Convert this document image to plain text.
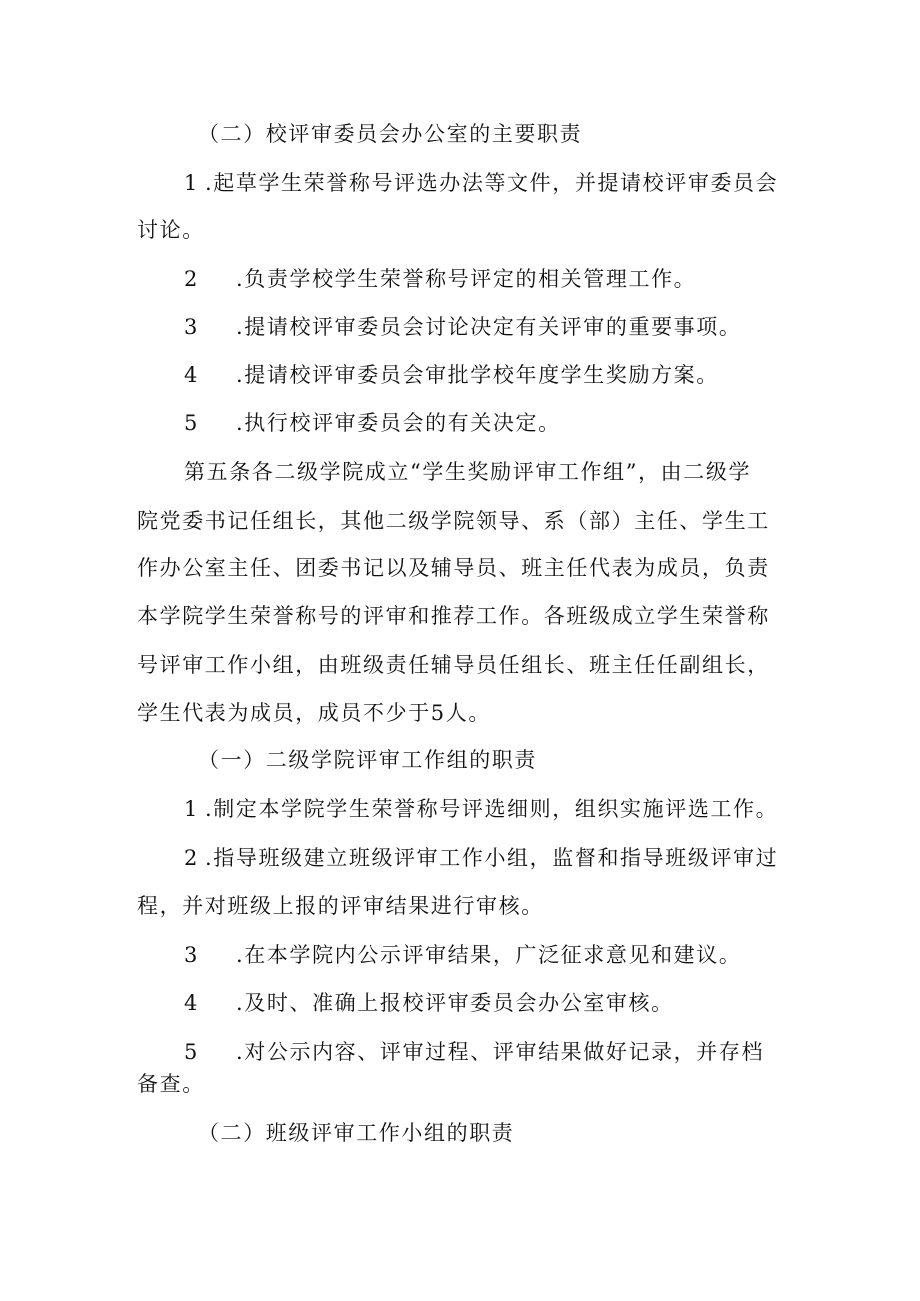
（二）校评审委员会办公室的主要职责
1 .起草学生荣誉称号评选办法等文件，并提请校评审委员会
讨论。
2 .负责学校学生荣誉称号评定的相关管理工作。
3 .提请校评审委员会讨论决定有关评审的重要事项。
4 .提请校评审委员会审批学校年度学生奖励方案。
5 .执行校评审委员会的有关决定。
第五条各二级学院成立“学生奖励评审工作组”，由二级学
院党委书记任组长，其他二级学院领导、系（部）主任、学生工
作办公室主任、团委书记以及辅导员、班主任代表为成员，负责
本学院学生荣誉称号的评审和推荐工作。各班级成立学生荣誉称
号评审工作小组，由班级责任辅导员任组长、班主任任副组长，
学生代表为成员，成员不少于5人。
（一）二级学院评审工作组的职责
1 .制定本学院学生荣誉称号评选细则，组织实施评选工作。
2 .指导班级建立班级评审工作小组，监督和指导班级评审过
程，并对班级上报的评审结果进行审核。
3 .在本学院内公示评审结果，广泛征求意见和建议。
4 .及时、准确上报校评审委员会办公室审核。
5 .对公示内容、评审过程、评审结果做好记录，并存档
备查。
（二）班级评审工作小组的职责
